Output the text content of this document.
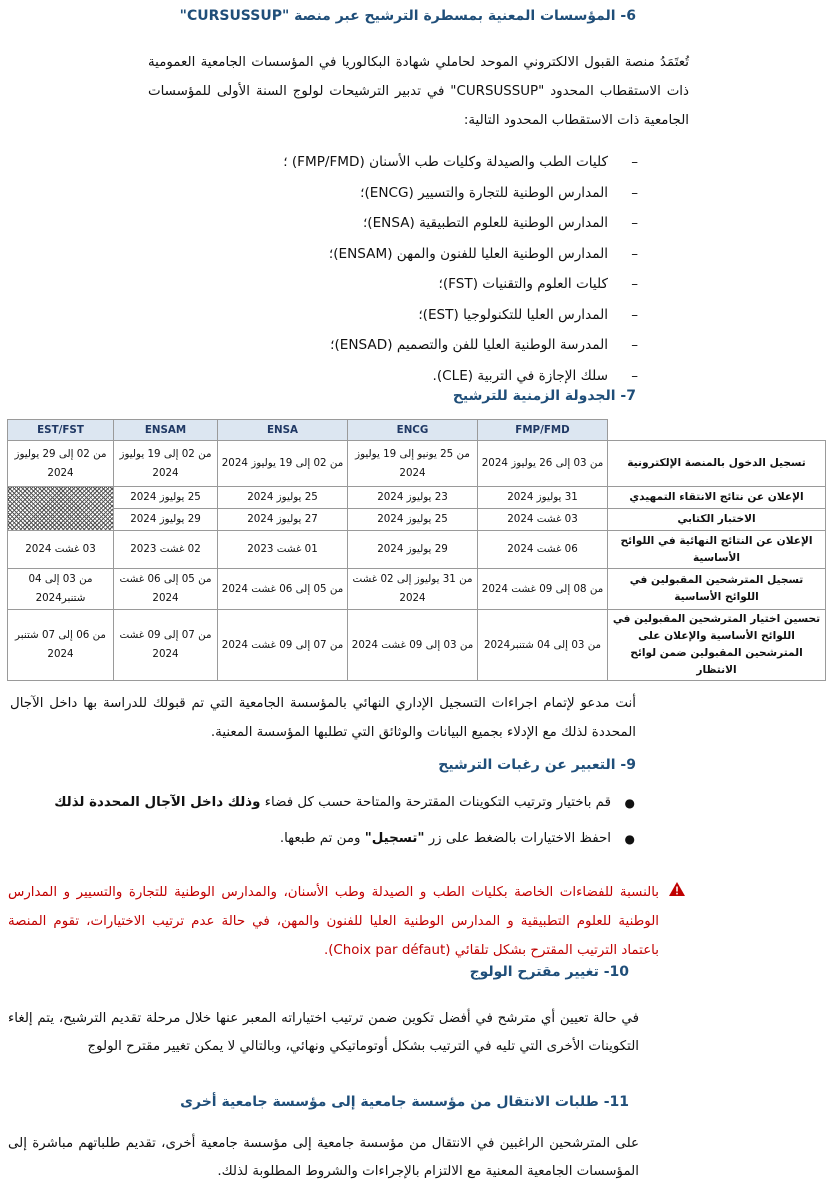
6- المؤسسات المعنية بمسطرة الترشيح عبر منصة "CURSUSSUP"
تُعتَمَدُ منصة القبول الالكتروني الموحد لحاملي شهادة البكالوريا في المؤسسات الجامعية العمومية ذات الاستقطاب المحدود "CURSUSSUP" في تدبير الترشيحات لولوج السنة الأولى للمؤسسات الجامعية ذات الاستقطاب المحدود التالية:
–
كليات الطب والصيدلة وكليات طب الأسنان (FMP/FMD) ؛
–
المدارس الوطنية للتجارة والتسيير (ENCG)؛
–
المدارس الوطنية للعلوم التطبيقية (ENSA)؛
–
المدارس الوطنية العليا للفنون والمهن (ENSAM)؛
–
كليات العلوم والتقنيات (FST)؛
–
المدارس العليا للتكنولوجيا (EST)؛
–
المدرسة الوطنية العليا للفن والتصميم (ENSAD)؛
–
سلك الإجازة في التربية (CLE).
7- الجدولة الزمنية للترشيح
	FMP/FMD	ENCG	ENSA	ENSAM	EST/FST
تسجيل الدخول بالمنصة الإلكترونية	من 03 إلى 26 يوليوز 2024	من 25 يونيو إلى 19 يوليوز 2024	من 02 إلى 19 يوليوز 2024	من 02 إلى 19 يوليوز 2024	من 02 إلى 29 يوليوز 2024
الإعلان عن نتائج الانتقاء التمهيدي	31 يوليوز 2024	23 يوليوز 2024	25 يوليوز 2024	25 يوليوز 2024	
الاختبار الكتابي	03 غشت 2024	25 يوليوز 2024	27 يوليوز 2024	29 يوليوز 2024	
الإعلان عن النتائج النهائية في اللوائح الأساسية	06 غشت 2024	29 يوليوز 2024	01 غشت 2023	02 غشت 2023	03 غشت 2024
تسجيل المترشحين المقبولين في اللوائح الأساسية	من 08 إلى 09 غشت 2024	من 31 يوليوز إلى 02 غشت 2024	من 05 إلى 06 غشت 2024	من 05 إلى 06 غشت 2024	من 03 إلى 04 شتنبر2024
تحسين اختيار المترشحين المقبولين في اللوائح الأساسية والإعلان على المترشحين المقبولين ضمن لوائح الانتظار	من 03 إلى 04 شتنبر2024	من 03 إلى 09 غشت 2024	من 07 إلى 09 غشت 2024	من 07 إلى 09 غشت 2024	من 06 إلى 07 شتنبر 2024
أنت مدعو لإتمام اجراءات التسجيل الإداري النهائي بالمؤسسة الجامعية التي تم قبولك للدراسة بها داخل الآجال المحددة لذلك مع الإدلاء بجميع البيانات والوثائق التي تطلبها المؤسسة المعنية.
9- التعبير عن رغبات الترشيح
●
قم باختيار وترتيب التكوينات المقترحة والمتاحة حسب كل فضاء وذلك داخل الآجال المحددة لذلك
●
احفظ الاختيارات بالضغط على زر "تسجيل" ومن تم طبعها.
بالنسبة للفضاءات الخاصة بكليات الطب و الصيدلة وطب الأسنان، والمدارس الوطنية للتجارة والتسيير و المدارس الوطنية للعلوم التطبيقية و المدارس الوطنية العليا للفنون والمهن، في حالة عدم ترتيب الاختيارات، تقوم المنصة باعتماد الترتيب المقترح بشكل تلقائي (Choix par défaut).
10- تغيير مقترح الولوج
في حالة تعيين أي مترشح في أفضل تكوين ضمن ترتيب اختياراته المعبر عنها خلال مرحلة تقديم الترشيح، يتم إلغاء التكوينات الأخرى التي تليه في الترتيب بشكل أوتوماتيكي ونهائي، وبالتالي لا يمكن تغيير مقترح الولوج
11- طلبات الانتقال من مؤسسة جامعية إلى مؤسسة جامعية أخرى
على المترشحين الراغبين في الانتقال من مؤسسة جامعية إلى مؤسسة جامعية أخرى، تقديم طلباتهم مباشرة إلى المؤسسات الجامعية المعنية مع الالتزام بالإجراءات والشروط المطلوبة لذلك.
